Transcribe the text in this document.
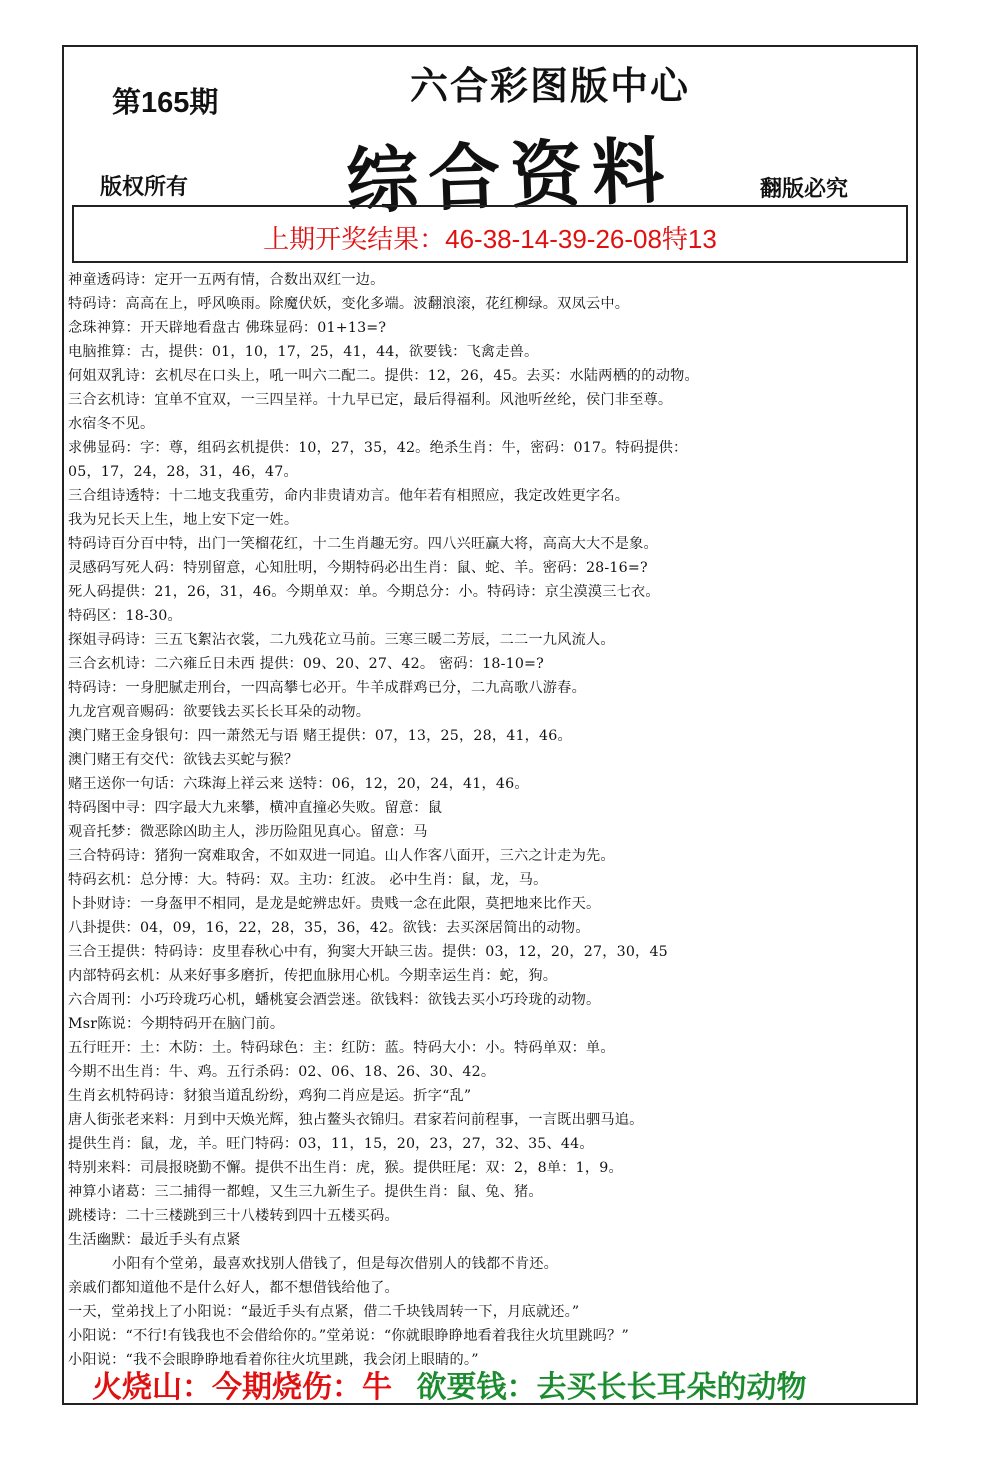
第165期	六合彩图版中心
综合资料
版权所有	翻版必究
上期开奖结果：46-38-14-39-26-08特13
神童透码诗：定开一五两有情，合数出双红一边。
特码诗：高高在上，呼风唤雨。除魔伏妖，变化多端。波翻浪滚，花红柳绿。双凤云中。
念珠神算：开天辟地看盘古 佛珠显码：01+13=?
电脑推算：古，提供：01，10，17，25，41，44，欲要钱：飞禽走兽。
何姐双乳诗：玄机尽在口头上，吼一叫六二配二。提供：12，26，45。去买：水陆两栖的的动物。
三合玄机诗：宜单不宜双，一三四呈祥。十九早已定，最后得福利。风池听丝纶，侯门非至尊。
水宿冬不见。
求佛显码：字：尊，组码玄机提供：10，27，35，42。绝杀生肖：牛，密码：017。特码提供：
05，17，24，28，31，46，47。
三合组诗透特：十二地支我重劳，命内非贵请劝言。他年若有相照应，我定改姓更字名。
我为兄长天上生，地上安下定一姓。
特码诗百分百中特，出门一笑榴花红，十二生肖趣无穷。四八兴旺赢大将，高高大大不是象。
灵感码写死人码：特别留意，心知肚明，今期特码必出生肖：鼠、蛇、羊。密码：28-16=?
死人码提供：21，26，31，46。今期单双：单。今期总分：小。特码诗：京尘漠漠三七衣。
特码区：18-30。
探姐寻码诗：三五飞絮沾衣裳，二九残花立马前。三寒三暖二芳辰，二二一九风流人。
三合玄机诗：二六雍丘日未西 提供：09、20、27、42。 密码：18-10=?
特码诗：一身肥腻走刑台，一四高攀七必开。牛羊成群鸡已分，二九高歌八游春。
九龙宫观音赐码：欲要钱去买长长耳朵的动物。
澳门赌王金身银句：四一萧然无与语 赌王提供：07，13，25，28，41，46。
澳门赌王有交代：欲钱去买蛇与猴？
赌王送你一句话：六珠海上祥云来 送特：06，12，20，24，41，46。
特码图中寻：四字最大九来攀，横冲直撞必失败。留意：鼠
观音托梦：微恶除凶助主人，涉历险阻见真心。留意：马
三合特码诗：猪狗一窝难取舍，不如双进一同追。山人作客八面开，三六之计走为先。
特码玄机：总分博：大。特码：双。主功：红波。 必中生肖：鼠，龙，马。
卜卦财诗：一身盔甲不相同，是龙是蛇辨忠奸。贵贱一念在此限，莫把地来比作天。
八卦提供：04，09，16，22，28，35，36，42。欲钱：去买深居简出的动物。
三合王提供：特码诗：皮里春秋心中有，狗窦大开缺三齿。提供：03，12，20，27，30，45
内部特码玄机：从来好事多磨折，传把血脉用心机。今期幸运生肖：蛇，狗。
六合周刊：小巧玲珑巧心机，蟠桃宴会酒尝迷。欲钱料：欲钱去买小巧玲珑的动物。
Msr陈说：今期特码开在脑门前。
五行旺开：土：木防：土。特码球色：主：红防：蓝。特码大小：小。特码单双：单。
今期不出生肖：牛、鸡。五行杀码：02、06、18、26、30、42。
生肖玄机特码诗：豺狼当道乱纷纷，鸡狗二肖应是运。折字“乱”
唐人街张老来料：月到中天焕光辉，独占鳌头衣锦归。君家若问前程事，一言既出驷马追。
提供生肖：鼠，龙，羊。旺门特码：03，11，15，20，23，27，32、35、44。
特别来料：司晨报晓勤不懈。提供不出生肖：虎，猴。提供旺尾：双：2，8单：1，9。
神算小诸葛：三二捕得一都蝗，又生三九新生子。提供生肖：鼠、兔、猪。
跳楼诗：二十三楼跳到三十八楼转到四十五楼买码。
生活幽默：最近手头有点紧
小阳有个堂弟，最喜欢找别人借钱了，但是每次借别人的钱都不肯还。
亲戚们都知道他不是什么好人，都不想借钱给他了。
一天，堂弟找上了小阳说：“最近手头有点紧，借二千块钱周转一下，月底就还。”
小阳说：“不行!有钱我也不会借给你的。”堂弟说：“你就眼睁睁地看着我往火坑里跳吗？”
小阳说：“我不会眼睁睁地看着你往火坑里跳，我会闭上眼睛的。”
火烧山：今期烧伤：牛 欲要钱：去买长长耳朵的动物
